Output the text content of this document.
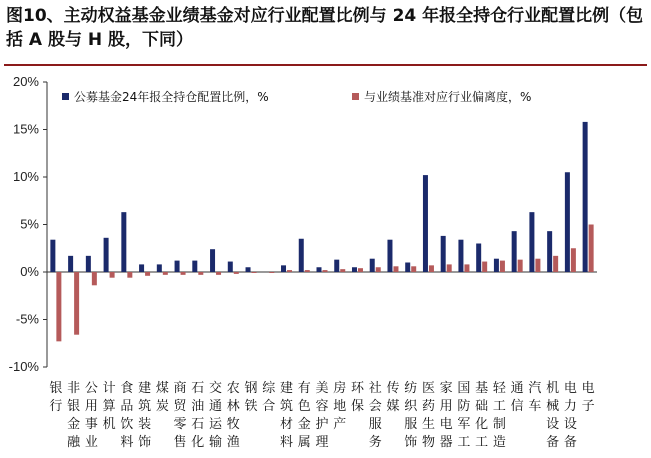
图10、主动权益基金业绩基金对应行业配置比例与 24 年报全持仓行业配置比例（包括 A 股与 H 股，下同）
-10%
-5%
0%
5%
10%
15%
20%
银
行
非
银
金
融
公
用
事
业
计
算
机
食
品
饮
料
建
筑
装
饰
煤
炭
商
贸
零
售
石
油
石
化
交
通
运
输
农
林
牧
渔
钢
铁
综
合
建
筑
材
料
有
色
金
属
美
容
护
理
房
地
产
环
保
社
会
服
务
传
媒
纺
织
服
饰
医
药
生
物
家
用
电
器
国
防
军
工
基
础
化
工
轻
工
制
造
通
信
汽
车
机
械
设
备
电
力
设
备
电
子
公募基金24年报全持仓配置比例，%	与业绩基准对应行业偏离度，%
